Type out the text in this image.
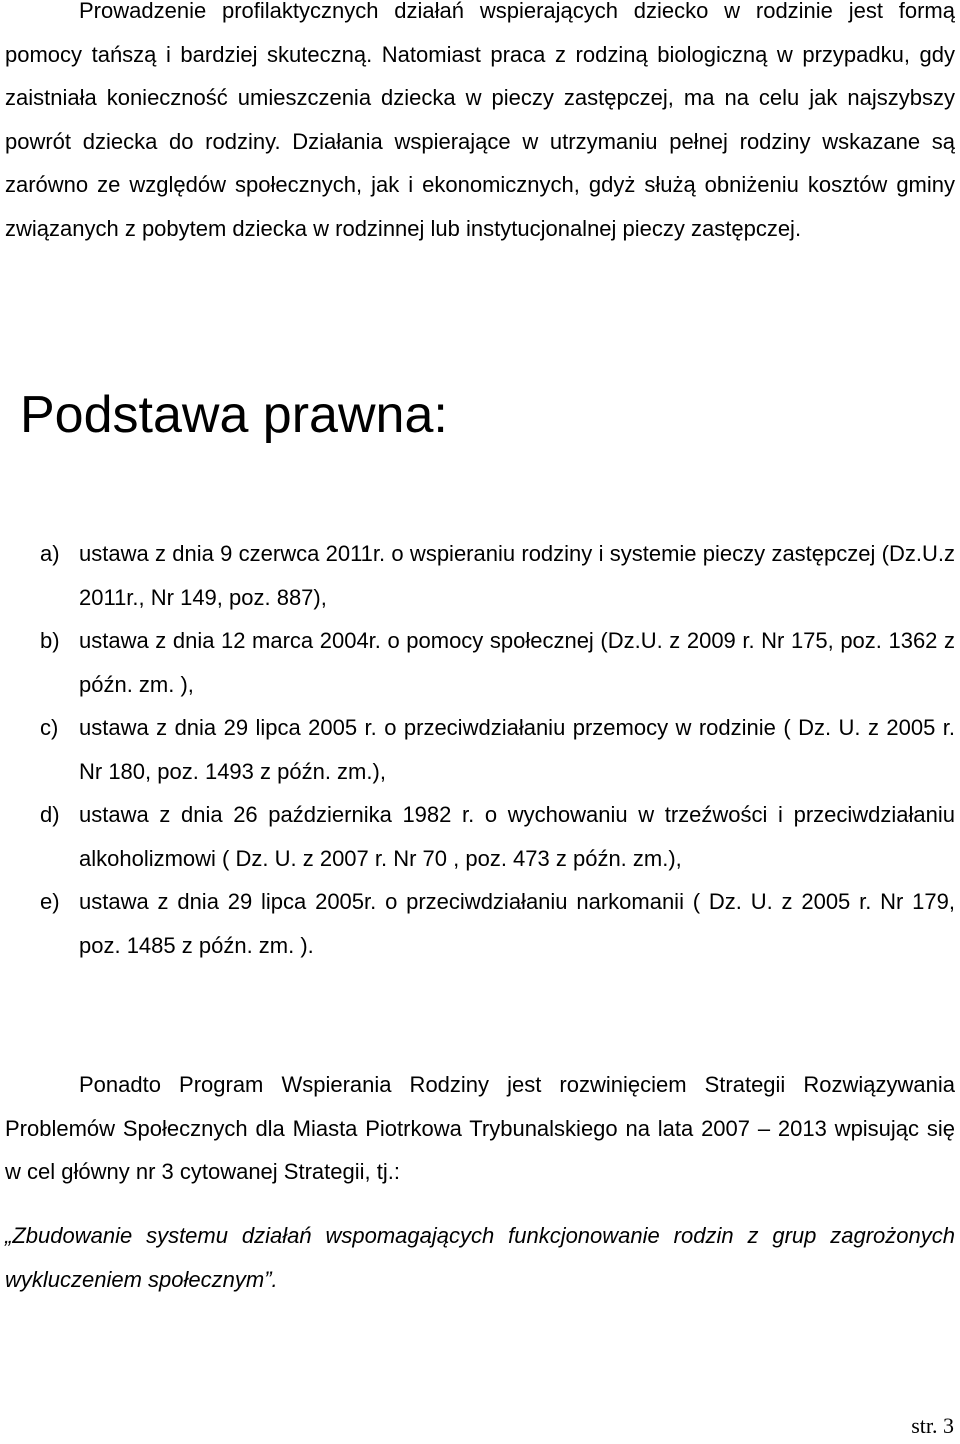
Prowadzenie profilaktycznych działań wspierających dziecko w rodzinie jest formą pomocy tańszą i bardziej skuteczną. Natomiast praca z rodziną biologiczną w przypadku, gdy zaistniała konieczność umieszczenia dziecka w pieczy zastępczej, ma na celu jak najszybszy powrót dziecka do rodziny. Działania wspierające w utrzymaniu pełnej rodziny wskazane są zarówno ze względów społecznych, jak i ekonomicznych, gdyż służą obniżeniu kosztów gminy związanych z pobytem dziecka w rodzinnej lub instytucjonalnej pieczy zastępczej.

Podstawa prawna:
a) ustawa z dnia 9 czerwca 2011r. o wspieraniu rodziny i systemie pieczy zastępczej (Dz.U.z 2011r., Nr 149, poz. 887),
b) ustawa z dnia 12 marca 2004r. o pomocy społecznej (Dz.U. z 2009 r. Nr 175, poz. 1362 z późn. zm. ),
c) ustawa z dnia 29 lipca 2005 r. o przeciwdziałaniu przemocy w rodzinie ( Dz. U. z 2005 r. Nr 180, poz. 1493 z późn. zm.),
d) ustawa z dnia 26 października 1982 r. o wychowaniu w trzeźwości i przeciwdziałaniu alkoholizmowi ( Dz. U. z 2007 r. Nr 70 , poz. 473 z późn. zm.),
e) ustawa z dnia 29 lipca 2005r. o przeciwdziałaniu narkomanii ( Dz. U. z 2005 r. Nr 179, poz. 1485 z późn. zm. ).

Ponadto Program Wspierania Rodziny jest rozwinięciem Strategii Rozwiązywania Problemów Społecznych dla Miasta Piotrkowa Trybunalskiego na lata 2007 – 2013 wpisując się w cel główny nr 3 cytowanej Strategii, tj.:

„Zbudowanie systemu działań wspomagających funkcjonowanie rodzin z grup zagrożonych wykluczeniem społecznym”.

str. 3
